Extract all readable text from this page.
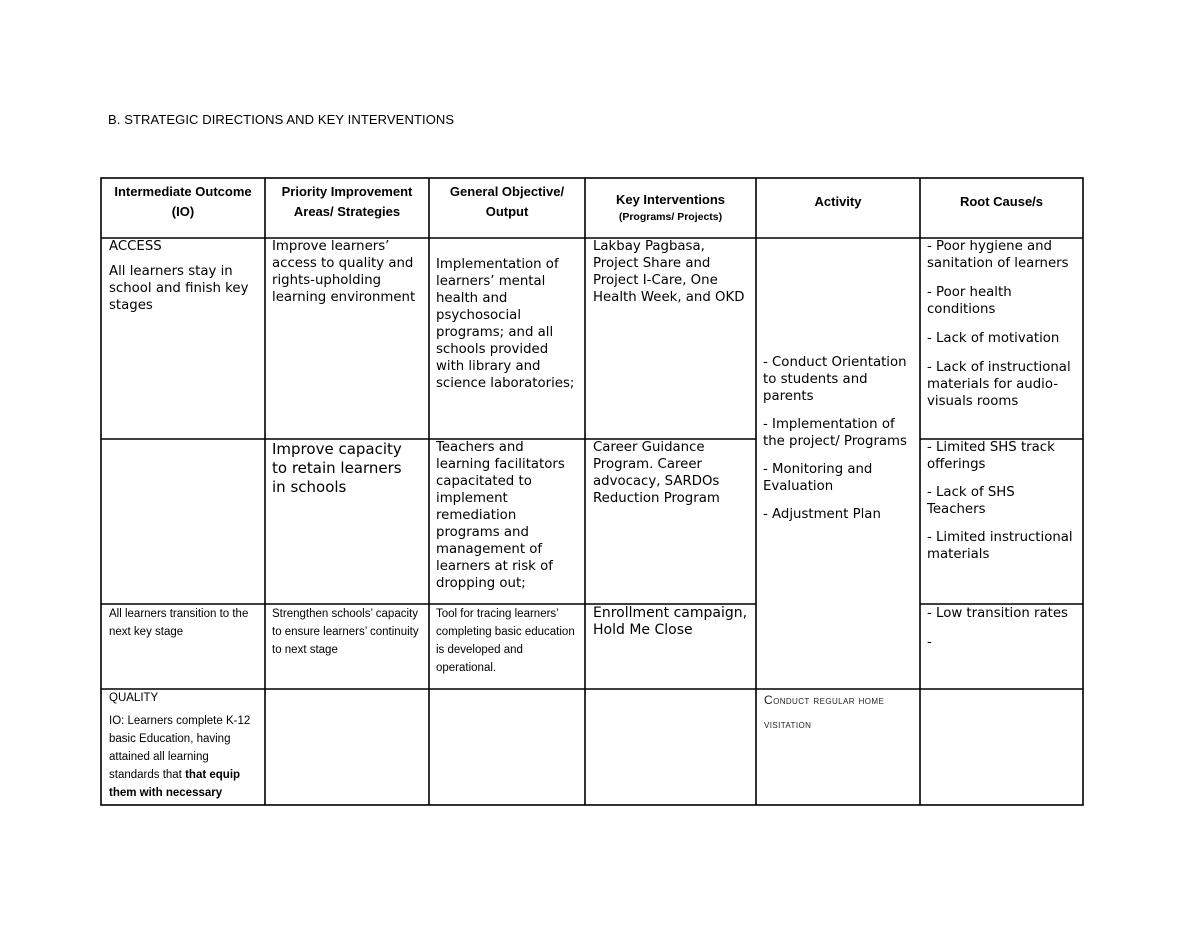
B. STRATEGIC DIRECTIONS AND KEY INTERVENTIONS
Intermediate Outcome
(IO)
Priority Improvement
Areas/ Strategies
General Objective/
Output
Key Interventions
(Programs/ Projects)
Activity	Root Cause/s
ACCESS
All learners stay in school and finish key stages
Improve learners’ access to quality and rights-upholding learning environment
Implementation of learners’ mental health and psychosocial programs; and all schools provided with library and science laboratories;
Lakbay Pagbasa, Project Share and Project I-Care, One Health Week, and OKD
- Poor hygiene and sanitation of learners
- Poor health conditions
- Lack of motivation
- Lack of instructional materials for audio-visuals rooms
- Conduct Orientation to students and parents
- Implementation of the project/ Programs
- Monitoring and Evaluation
- Adjustment Plan
Improve capacity to retain learners in schools
Teachers and learning facilitators capacitated to implement remediation programs and management of learners at risk of dropping out;
Career Guidance Program. Career advocacy, SARDOs Reduction Program
- Limited SHS track offerings
- Lack of SHS Teachers
- Limited instructional materials
All learners transition to the next key stage
Strengthen schools’ capacity to ensure learners’ continuity to next stage
Tool for tracing learners’ completing basic education is developed and operational.
Enrollment campaign, Hold Me Close
- Low transition rates
-
QUALITY
IO: Learners complete K-12 basic Education, having attained all learning standards that that equip them with necessary
Conduct regular home visitation
